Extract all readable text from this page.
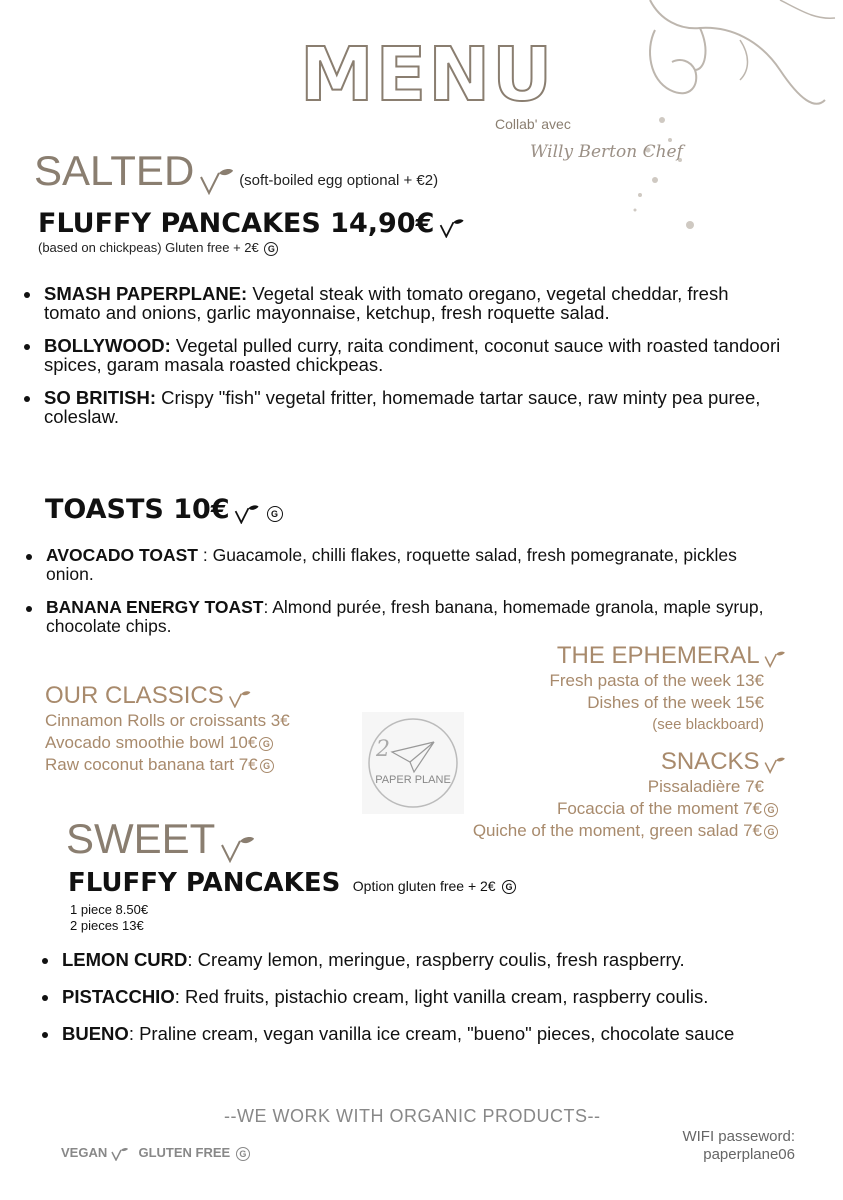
MENU
Collab' avec
Willy Berton Chef
SALTED	(soft-boiled egg optional + €2)
FLUFFY PANCAKES 14,90€
(based on chickpeas) Gluten free + 2€ G
SMASH PAPERPLANE: Vegetal steak with tomato oregano, vegetal cheddar, fresh tomato and onions, garlic mayonnaise, ketchup, fresh roquette salad.
BOLLYWOOD: Vegetal pulled curry, raita condiment, coconut sauce with roasted tandoori spices, garam masala roasted chickpeas.
SO BRITISH: Crispy "fish" vegetal fritter, homemade tartar sauce, raw minty pea puree, coleslaw.
TOASTS 10€	G
AVOCADO TOAST : Guacamole, chilli flakes, roquette salad, fresh pomegranate, pickles onion.
BANANA ENERGY TOAST: Almond purée, fresh banana, homemade granola, maple syrup, chocolate chips.
OUR CLASSICS
Cinnamon Rolls or croissants 3€
Avocado smoothie bowl 10€ G
Raw coconut banana tart 7€ G
2
PAPER PLANE
THE EPHEMERAL
Fresh pasta of the week 13€
Dishes of the week 15€
(see blackboard)
SNACKS
Pissaladière 7€
Focaccia of the moment 7€ G
Quiche of the moment, green salad 7€ G
SWEET
FLUFFY PANCAKES Option gluten free + 2€ G
1 piece 8.50€
2 pieces 13€
LEMON CURD: Creamy lemon, meringue, raspberry coulis, fresh raspberry.
PISTACCHIO: Red fruits, pistachio cream, light vanilla cream, raspberry coulis.
BUENO: Praline cream, vegan vanilla ice cream, "bueno" pieces, chocolate sauce
--WE WORK WITH ORGANIC PRODUCTS--
VEGAN GLUTEN FREE G
WIFI passeword:
paperplane06
